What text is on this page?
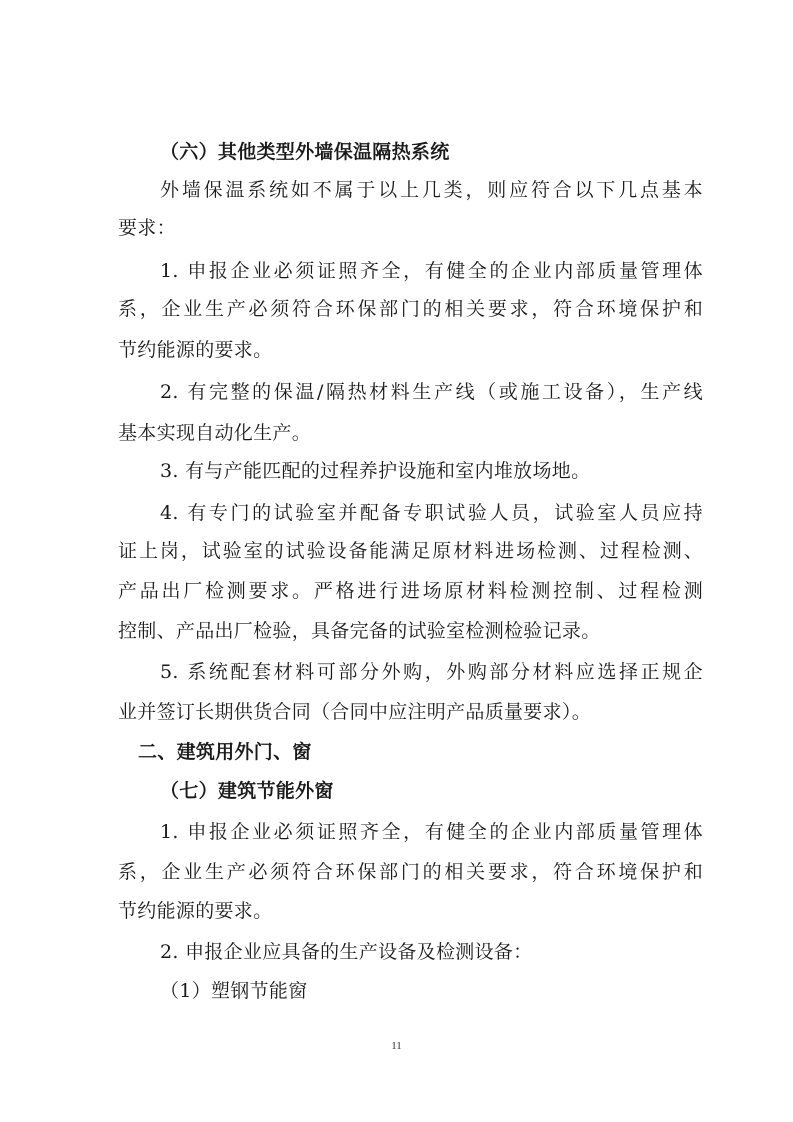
（六）其他类型外墙保温隔热系统
外墙保温系统如不属于以上几类，则应符合以下几点基本
要求：
1. 申报企业必须证照齐全，有健全的企业内部质量管理体
系，企业生产必须符合环保部门的相关要求，符合环境保护和
节约能源的要求。
2. 有完整的保温/隔热材料生产线（或施工设备），生产线
基本实现自动化生产。
3. 有与产能匹配的过程养护设施和室内堆放场地。
4. 有专门的试验室并配备专职试验人员，试验室人员应持
证上岗，试验室的试验设备能满足原材料进场检测、过程检测、
产品出厂检测要求。严格进行进场原材料检测控制、过程检测
控制、产品出厂检验，具备完备的试验室检测检验记录。
5. 系统配套材料可部分外购，外购部分材料应选择正规企
业并签订长期供货合同（合同中应注明产品质量要求）。
二、建筑用外门、窗
（七）建筑节能外窗
1. 申报企业必须证照齐全，有健全的企业内部质量管理体
系，企业生产必须符合环保部门的相关要求，符合环境保护和
节约能源的要求。
2. 申报企业应具备的生产设备及检测设备：
（1）塑钢节能窗
11
